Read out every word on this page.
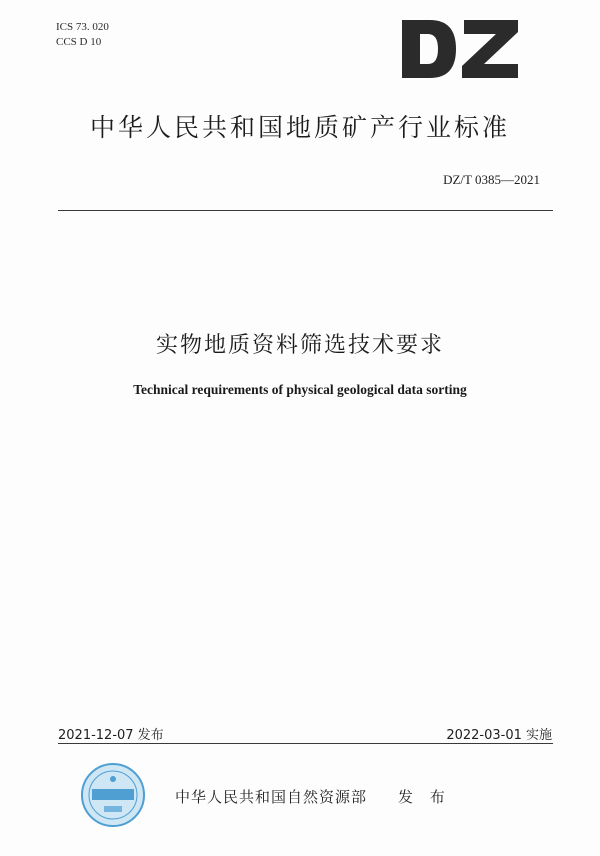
ICS 73. 020
CCS D 10
中华人民共和国地质矿产行业标准
DZ/T 0385—2021
实物地质资料筛选技术要求
Technical requirements of physical geological data sorting
2021-12-07 发布	2022-03-01 实施
中华人民共和国自然资源部 发 布
